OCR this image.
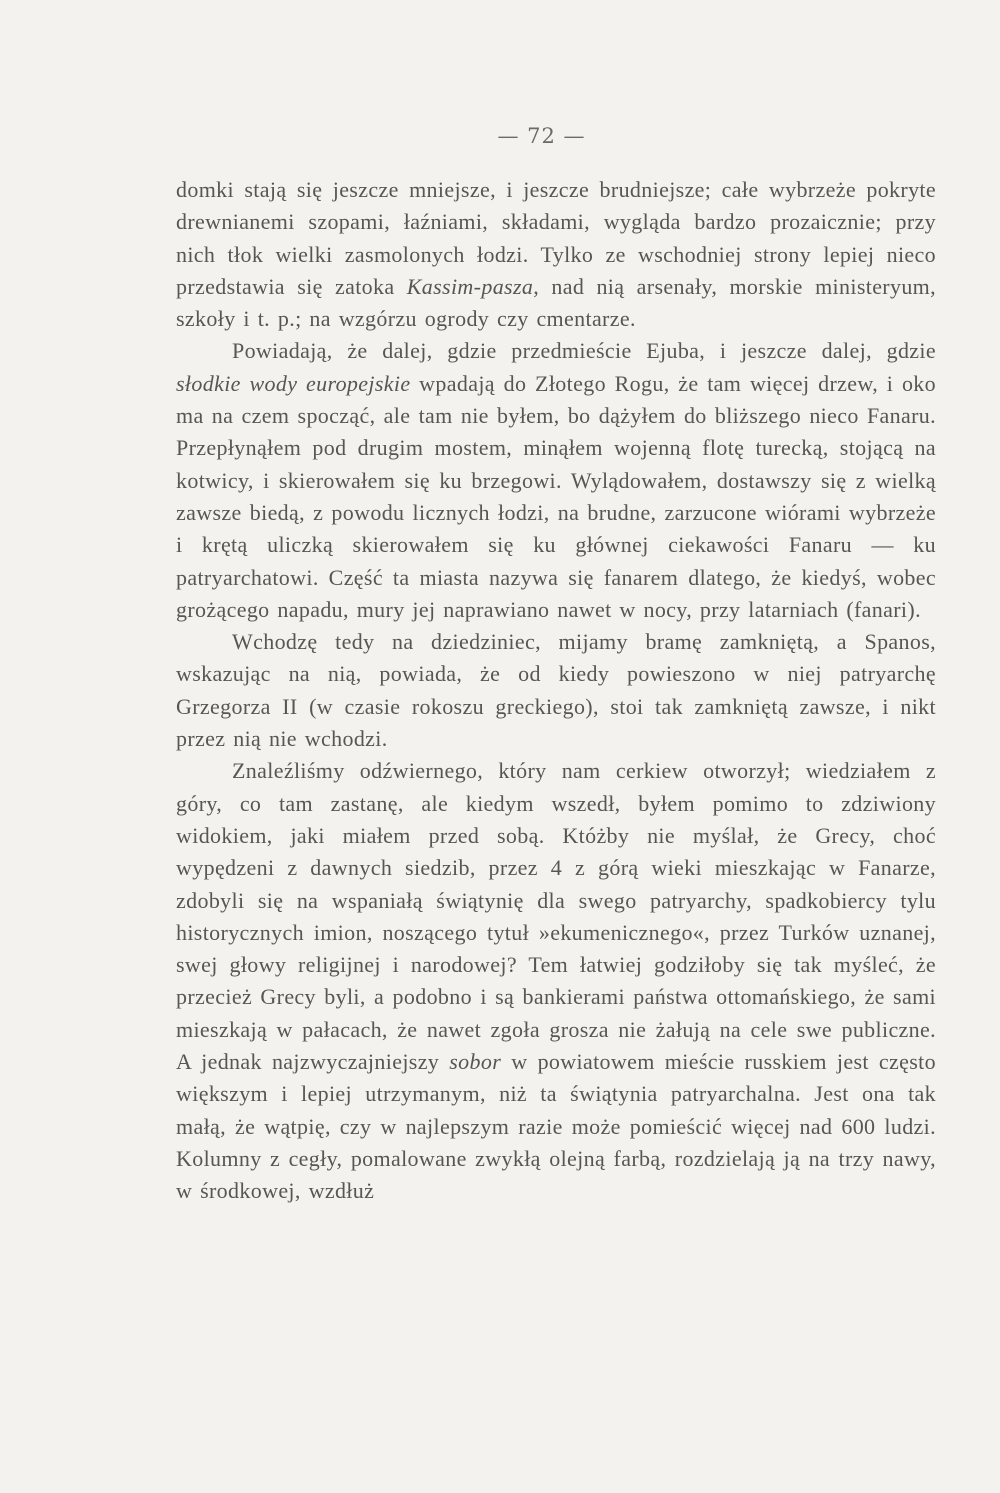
— 72 —

domki stają się jeszcze mniejsze, i jeszcze brudniejsze; całe wybrzeże pokryte drewnianemi szopami, łaźniami, składami, wygląda bardzo prozaicznie; przy nich tłok wielki zasmolonych łodzi. Tylko ze wschodniej strony lepiej nieco przedstawia się zatoka Kassim-pasza, nad nią arsenały, morskie ministeryum, szkoły i t. p.; na wzgórzu ogrody czy cmentarze.

Powiadają, że dalej, gdzie przedmieście Ejuba, i jeszcze dalej, gdzie słodkie wody europejskie wpadają do Złotego Rogu, że tam więcej drzew, i oko ma na czem spocząć, ale tam nie byłem, bo dążyłem do bliższego nieco Fanaru. Przepłynąłem pod drugim mostem, minąłem wojenną flotę turecką, stojącą na kotwicy, i skierowałem się ku brzegowi. Wylądowałem, dostawszy się z wielką zawsze biedą, z powodu licznych łodzi, na brudne, zarzucone wiórami wybrzeże i krętą uliczką skierowałem się ku głównej ciekawości Fanaru — ku patryarchatowi. Część ta miasta nazywa się fanarem dlatego, że kiedyś, wobec grożącego napadu, mury jej naprawiano nawet w nocy, przy latarniach (fanari).

Wchodzę tedy na dziedziniec, mijamy bramę zamkniętą, a Spanos, wskazując na nią, powiada, że od kiedy powieszono w niej patryarchę Grzegorza II (w czasie rokoszu greckiego), stoi tak zamkniętą zawsze, i nikt przez nią nie wchodzi.

Znaleźliśmy odźwiernego, który nam cerkiew otworzył; wiedziałem z góry, co tam zastanę, ale kiedym wszedł, byłem pomimo to zdziwiony widokiem, jaki miałem przed sobą. Któżby nie myślał, że Grecy, choć wypędzeni z dawnych siedzib, przez 4 z górą wieki mieszkając w Fanarze, zdobyli się na wspaniałą świątynię dla swego patryarchy, spadkobiercy tylu historycznych imion, noszącego tytuł »ekumenicznego«, przez Turków uznanej, swej głowy religijnej i narodowej? Tem łatwiej godziłoby się tak myśleć, że przecież Grecy byli, a podobno i są bankierami państwa ottomańskiego, że sami mieszkają w pałacach, że nawet zgoła grosza nie żałują na cele swe publiczne. A jednak najzwyczajniejszy sobor w powiatowem mieście russkiem jest często większym i lepiej utrzymanym, niż ta świątynia patryarchalna. Jest ona tak małą, że wątpię, czy w najlepszym razie może pomieścić więcej nad 600 ludzi. Kolumny z cegły, pomalowane zwykłą olejną farbą, rozdzielają ją na trzy nawy, w środkowej, wzdłuż
